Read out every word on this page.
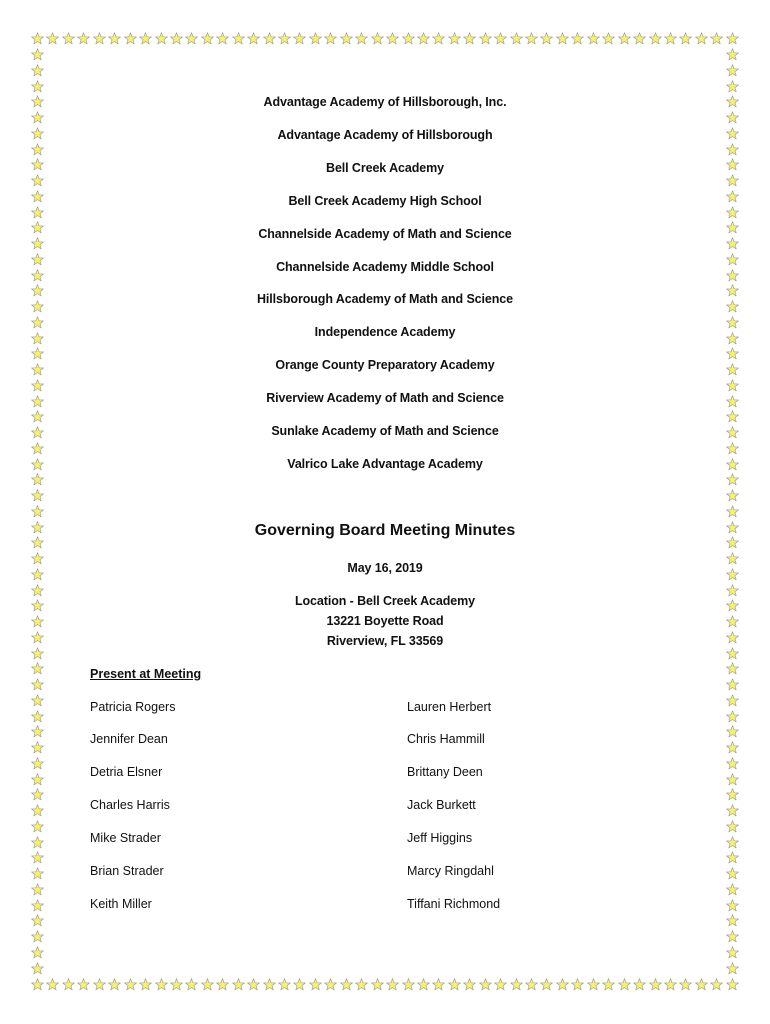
Advantage Academy of Hillsborough, Inc.
Advantage Academy of Hillsborough
Bell Creek Academy
Bell Creek Academy High School
Channelside Academy of Math and Science
Channelside Academy Middle School
Hillsborough Academy of Math and Science
Independence Academy
Orange County Preparatory Academy
Riverview Academy of Math and Science
Sunlake Academy of Math and Science
Valrico Lake Advantage Academy
Governing Board Meeting Minutes
May 16, 2019
Location - Bell Creek Academy
13221 Boyette Road
Riverview, FL 33569
Present at Meeting
Patricia Rogers
Jennifer Dean
Detria Elsner
Charles Harris
Mike Strader
Brian Strader
Keith Miller
Lauren Herbert
Chris Hammill
Brittany Deen
Jack Burkett
Jeff Higgins
Marcy Ringdahl
Tiffani Richmond
